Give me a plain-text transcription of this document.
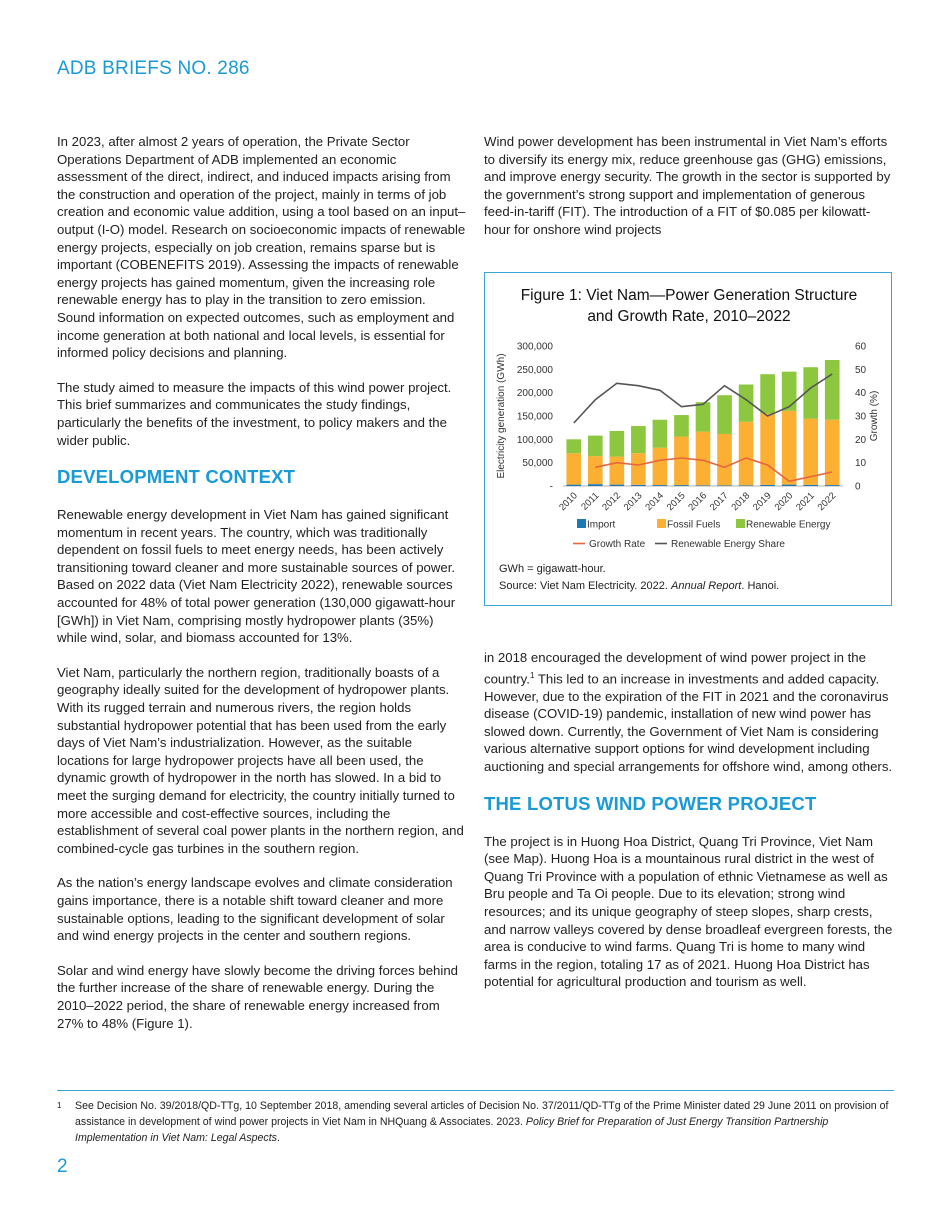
ADB BRIEFS NO. 286

In 2023, after almost 2 years of operation, the Private Sector Operations Department of ADB implemented an economic assessment of the direct, indirect, and induced impacts arising from the construction and operation of the project, mainly in terms of job creation and economic value addition, using a tool based on an input–output (I-O) model. Research on socioeconomic impacts of renewable energy projects, especially on job creation, remains sparse but is important (COBENEFITS 2019). Assessing the impacts of renewable energy projects has gained momentum, given the increasing role renewable energy has to play in the transition to zero emission. Sound information on expected outcomes, such as employment and income generation at both national and local levels, is essential for informed policy decisions and planning.

The study aimed to measure the impacts of this wind power project. This brief summarizes and communicates the study findings, particularly the benefits of the investment, to policy makers and the wider public.

DEVELOPMENT CONTEXT

Renewable energy development in Viet Nam has gained significant momentum in recent years. The country, which was traditionally dependent on fossil fuels to meet energy needs, has been actively transitioning toward cleaner and more sustainable sources of power. Based on 2022 data (Viet Nam Electricity 2022), renewable sources accounted for 48% of total power generation (130,000 gigawatt-hour [GWh]) in Viet Nam, comprising mostly hydropower plants (35%) while wind, solar, and biomass accounted for 13%.

Viet Nam, particularly the northern region, traditionally boasts of a geography ideally suited for the development of hydropower plants. With its rugged terrain and numerous rivers, the region holds substantial hydropower potential that has been used from the early days of Viet Nam’s industrialization. However, as the suitable locations for large hydropower projects have all been used, the dynamic growth of hydropower in the north has slowed. In a bid to meet the surging demand for electricity, the country initially turned to more accessible and cost-effective sources, including the establishment of several coal power plants in the northern region, and combined-cycle gas turbines in the southern region.

As the nation’s energy landscape evolves and climate consideration gains importance, there is a notable shift toward cleaner and more sustainable options, leading to the significant development of solar and wind energy projects in the center and southern regions.

Solar and wind energy have slowly become the driving forces behind the further increase of the share of renewable energy. During the 2010–2022 period, the share of renewable energy increased from 27% to 48% (Figure 1).

Wind power development has been instrumental in Viet Nam’s efforts to diversify its energy mix, reduce greenhouse gas (GHG) emissions, and improve energy security. The growth in the sector is supported by the government’s strong support and implementation of generous feed-in-tariff (FIT). The introduction of a FIT of $0.085 per kilowatt-hour for onshore wind projects

Figure 1: Viet Nam—Power Generation Structure
and Growth Rate, 2010–2022
-
50,000
100,000
150,000
200,000
250,000
300,000
0
10
20
30
40
50
60
Electricity generation (GWh)	Growth (%)
2010 2011
2012
2013
2014
2015
2016
2017
2018
2019
2020
2021
2022
Import	Fossil Fuels	Renewable Energy
Growth Rate	Renewable Energy Share
GWh = gigawatt-hour.
Source: Viet Nam Electricity. 2022. Annual Report. Hanoi.

in 2018 encouraged the development of wind power project in the country.$^1$ This led to an increase in investments and added capacity. However, due to the expiration of the FIT in 2021 and the coronavirus disease (COVID-19) pandemic, installation of new wind power has slowed down. Currently, the Government of Viet Nam is considering various alternative support options for wind development including auctioning and special arrangements for offshore wind, among others.

THE LOTUS WIND POWER PROJECT

The project is in Huong Hoa District, Quang Tri Province, Viet Nam (see Map). Huong Hoa is a mountainous rural district in the west of Quang Tri Province with a population of ethnic Vietnamese as well as Bru people and Ta Oi people. Due to its elevation; strong wind resources; and its unique geography of steep slopes, sharp crests, and narrow valleys covered by dense broadleaf evergreen forests, the area is conducive to wind farms. Quang Tri is home to many wind farms in the region, totaling 17 as of 2021. Huong Hoa District has potential for agricultural production and tourism as well.

1 See Decision No. 39/2018/QD-TTg, 10 September 2018, amending several articles of Decision No. 37/2011/QD-TTg of the Prime Minister dated 29 June 2011 on provision of assistance in development of wind power projects in Viet Nam in NHQuang & Associates. 2023. Policy Brief for Preparation of Just Energy Transition Partnership Implementation in Viet Nam: Legal Aspects.
2
